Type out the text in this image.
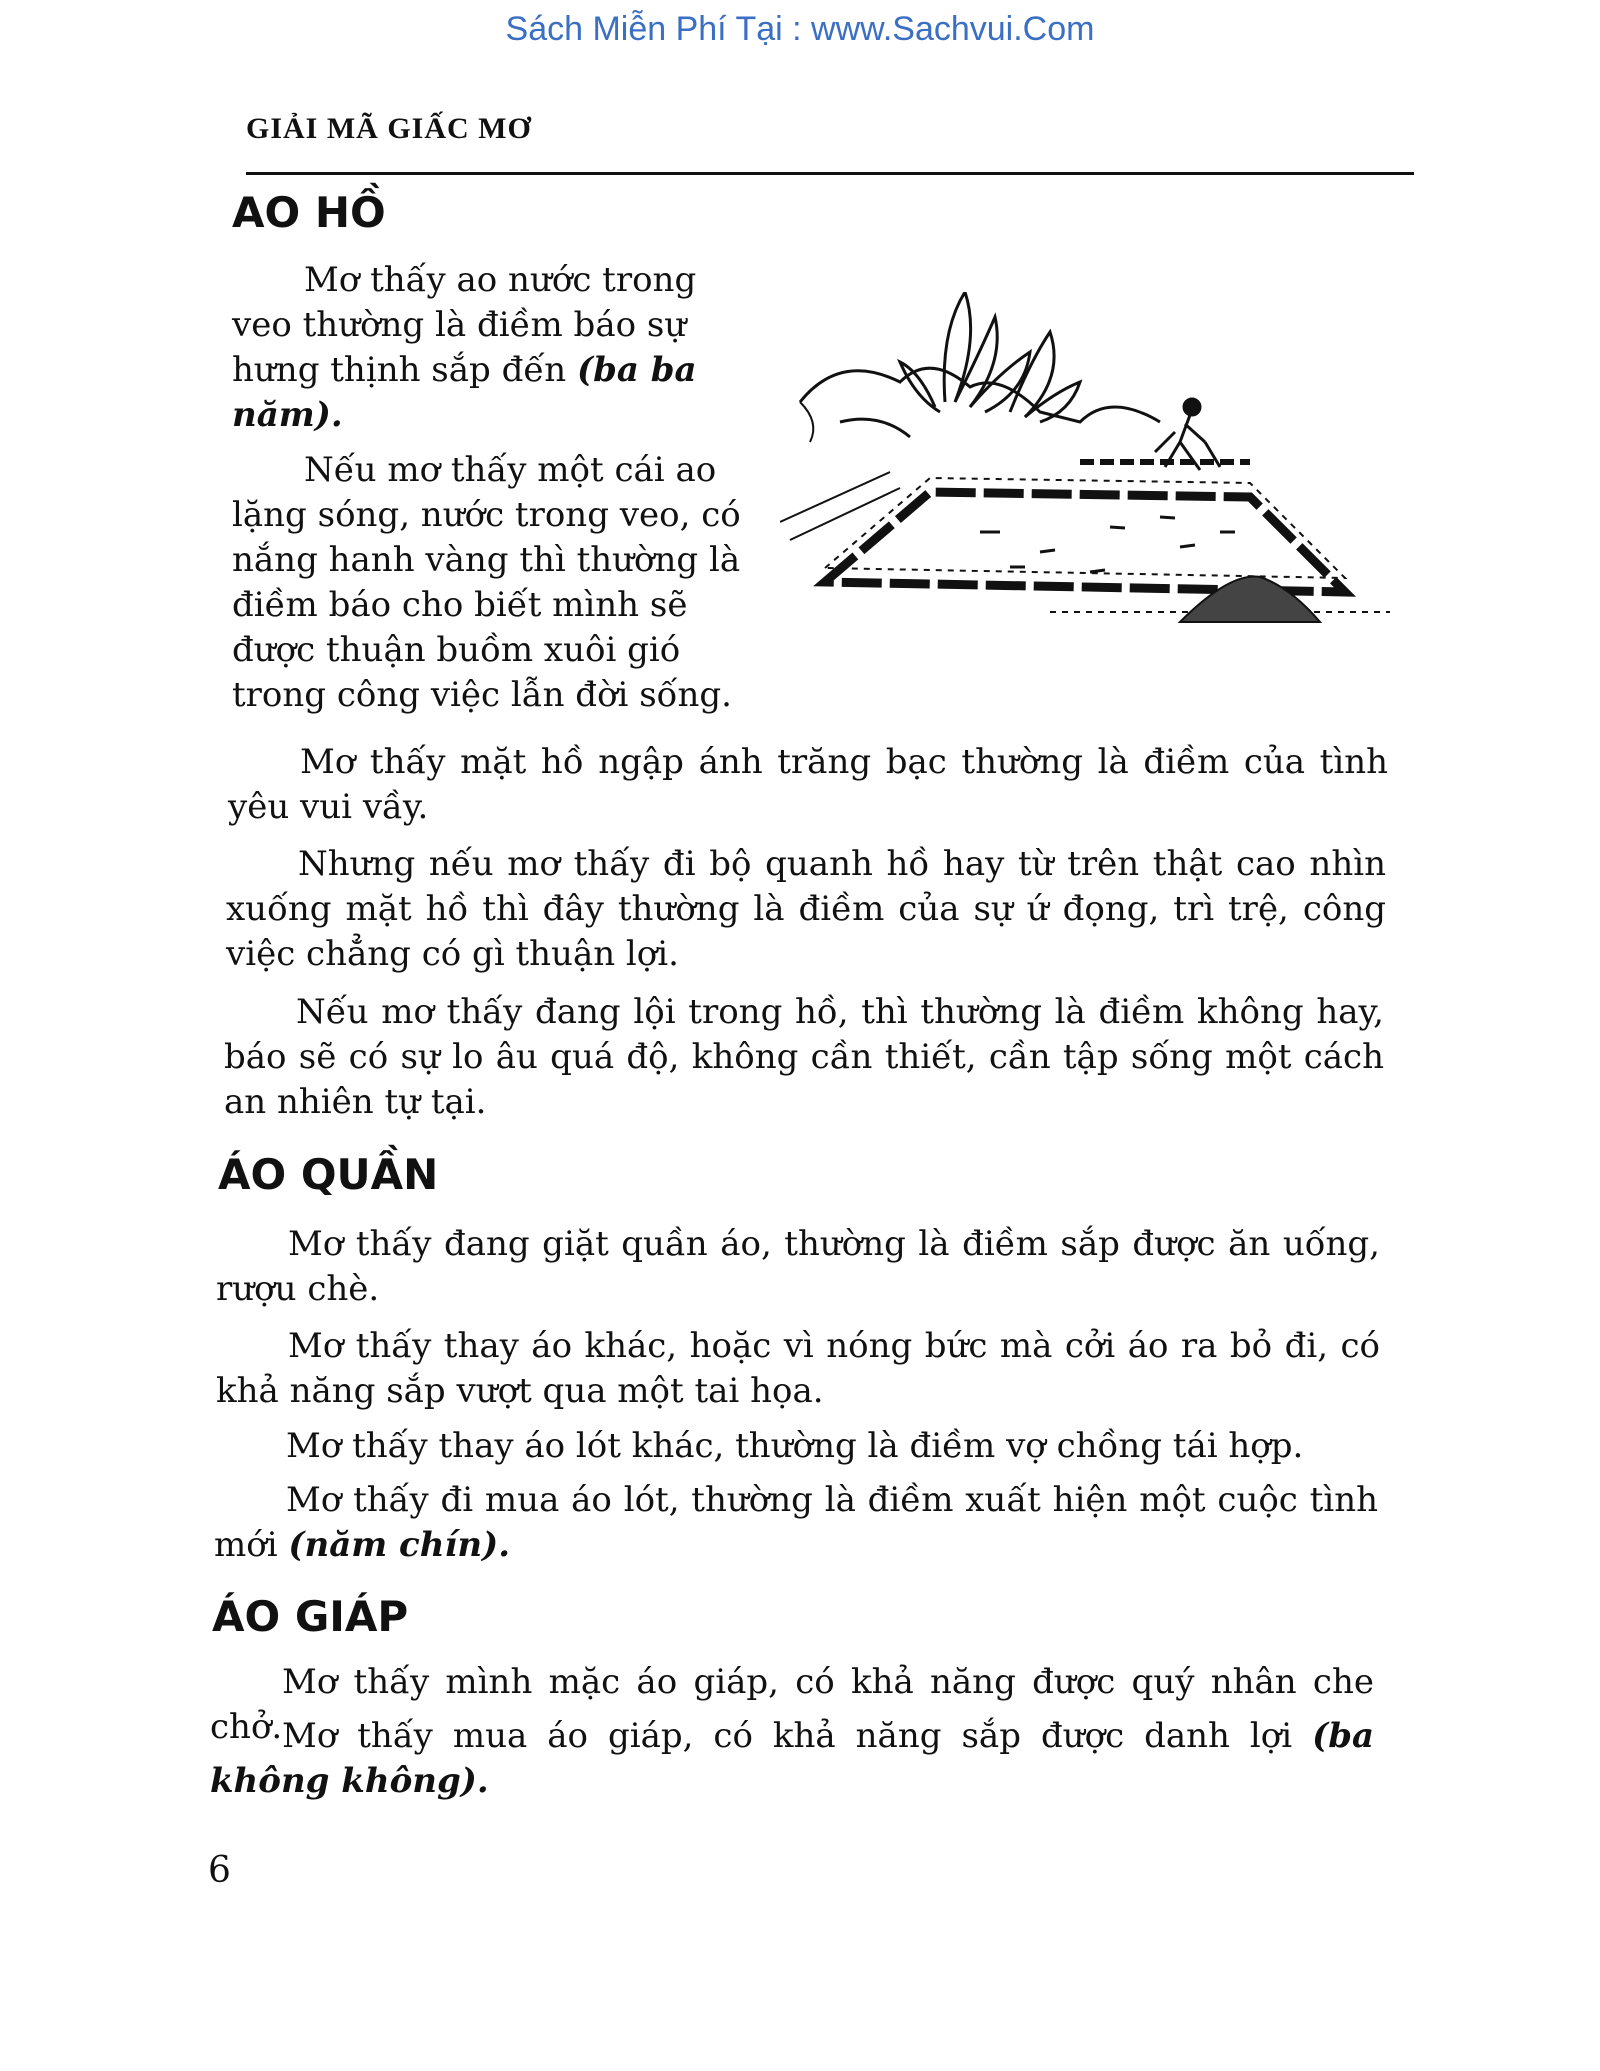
Sách Miễn Phí Tại : www.Sachvui.Com
GIẢI MÃ GIẤC MƠ
AO HỒ

Mơ thấy ao nước trong veo thường là điềm báo sự hưng thịnh sắp đến (ba ba năm).

Nếu mơ thấy một cái ao lặng sóng, nước trong veo, có nắng hanh vàng thì thường là điềm báo cho biết mình sẽ được thuận buồm xuôi gió trong công việc lẫn đời sống.

Mơ thấy mặt hồ ngập ánh trăng bạc thường là điềm của tình yêu vui vầy.

Nhưng nếu mơ thấy đi bộ quanh hồ hay từ trên thật cao nhìn xuống mặt hồ thì đây thường là điềm của sự ứ đọng, trì trệ, công việc chẳng có gì thuận lợi.

Nếu mơ thấy đang lội trong hồ, thì thường là điềm không hay, báo sẽ có sự lo âu quá độ, không cần thiết, cần tập sống một cách an nhiên tự tại.

ÁO QUẦN

Mơ thấy đang giặt quần áo, thường là điềm sắp được ăn uống, rượu chè.

Mơ thấy thay áo khác, hoặc vì nóng bức mà cởi áo ra bỏ đi, có khả năng sắp vượt qua một tai họa.

Mơ thấy thay áo lót khác, thường là điềm vợ chồng tái hợp.

Mơ thấy đi mua áo lót, thường là điềm xuất hiện một cuộc tình mới (năm chín).

ÁO GIÁP

Mơ thấy mình mặc áo giáp, có khả năng được quý nhân che chở. Mơ thấy mua áo giáp, có khả năng sắp được danh lợi (ba không không).

6
